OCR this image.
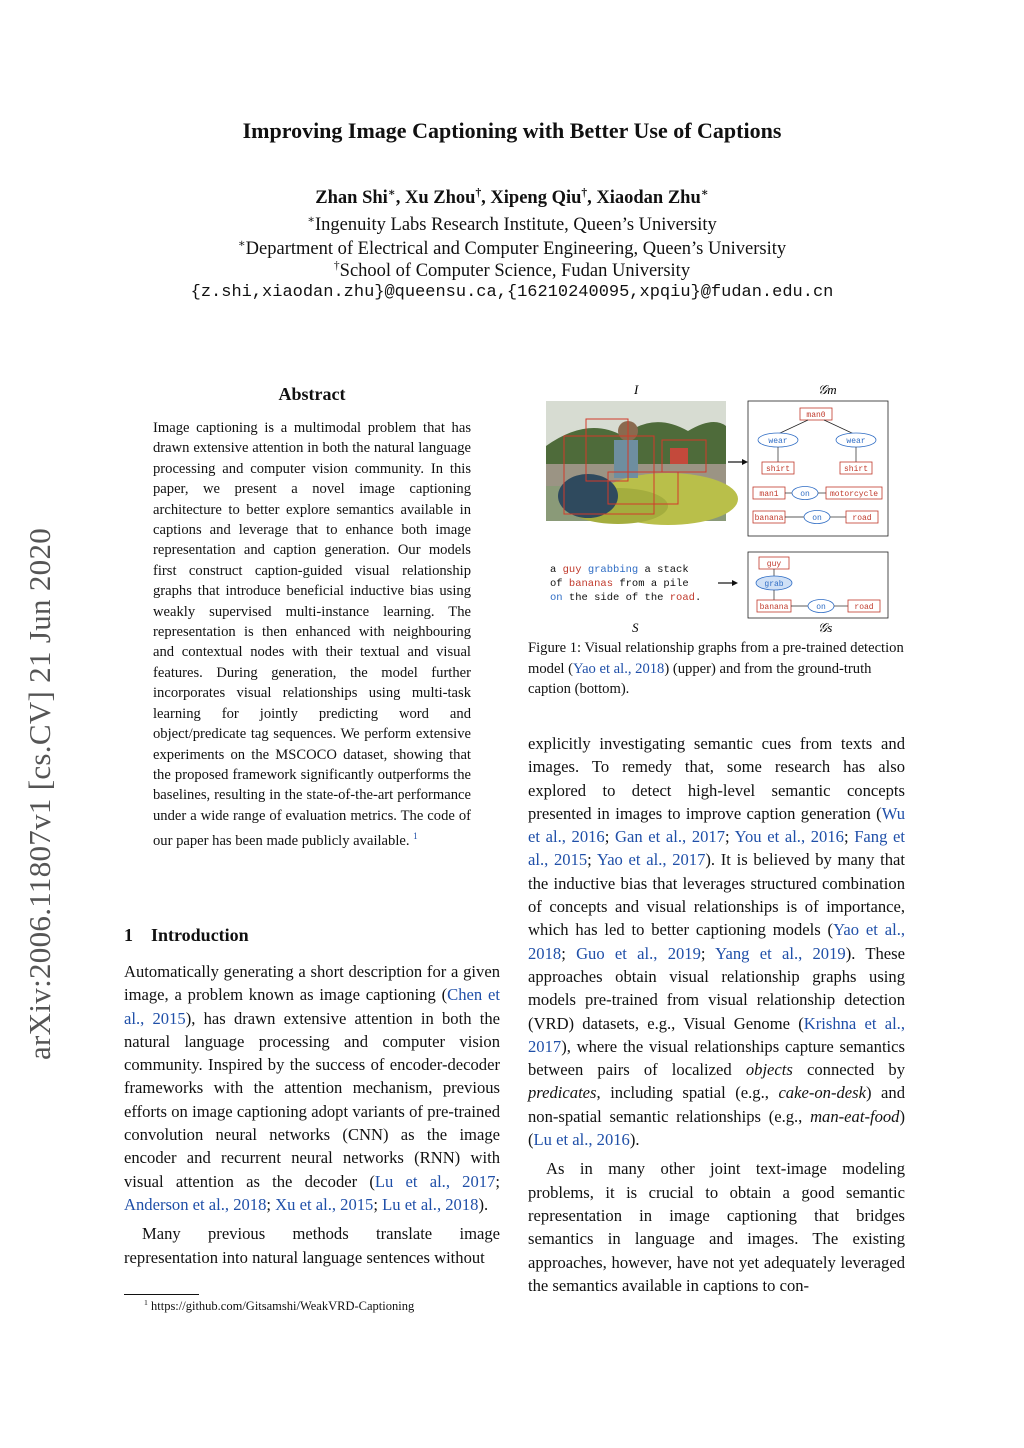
Improving Image Captioning with Better Use of Captions
Zhan Shi∗, Xu Zhou†, Xipeng Qiu†, Xiaodan Zhu∗
∗Ingenuity Labs Research Institute, Queen’s University
∗Department of Electrical and Computer Engineering, Queen’s University
†School of Computer Science, Fudan University
{z.shi,xiaodan.zhu}@queensu.ca,{16210240095,xpqiu}@fudan.edu.cn
arXiv:2006.11807v1 [cs.CV] 21 Jun 2020
Abstract
Image captioning is a multimodal problem that has drawn extensive attention in both the natural language processing and computer vision community. In this paper, we present a novel image captioning architecture to better explore semantics available in captions and leverage that to enhance both image representation and caption generation. Our models first construct caption-guided visual relationship graphs that introduce beneficial inductive bias using weakly supervised multi-instance learning. The representation is then enhanced with neighbouring and contextual nodes with their textual and visual features. During generation, the model further incorporates visual relationships using multi-task learning for jointly predicting word and object/predicate tag sequences. We perform extensive experiments on the MSCOCO dataset, showing that the proposed framework significantly outperforms the baselines, resulting in the state-of-the-art performance under a wide range of evaluation metrics. The code of our paper has been made publicly available. $^1$
1 Introduction

Automatically generating a short description for a given image, a problem known as image captioning (Chen et al., 2015), has drawn extensive attention in both the natural language processing and computer vision community. Inspired by the success of encoder-decoder frameworks with the attention mechanism, previous efforts on image captioning adopt variants of pre-trained convolution neural networks (CNN) as the image encoder and recurrent neural networks (RNN) with visual attention as the decoder (Lu et al., 2017; Anderson et al., 2018; Xu et al., 2015; Lu et al., 2018).

Many previous methods translate image representation into natural language sentences without

$^1$ https://github.com/Gitsamshi/WeakVRD-Captioning
I	𝒢m
man0
wear	wear
shirt	shirt
man1	on	motorcycle
banana	on	road
a guy grabbing a stack
of bananas from a pile
on the side of the road.
guy
grab
banana	on	road
S	𝒢s
Figure 1: Visual relationship graphs from a pre-trained detection model (Yao et al., 2018) (upper) and from the ground-truth caption (bottom).

explicitly investigating semantic cues from texts and images. To remedy that, some research has also explored to detect high-level semantic concepts presented in images to improve caption generation (Wu et al., 2016; Gan et al., 2017; You et al., 2016; Fang et al., 2015; Yao et al., 2017). It is believed by many that the inductive bias that leverages structured combination of concepts and visual relationships is of importance, which has led to better captioning models (Yao et al., 2018; Guo et al., 2019; Yang et al., 2019). These approaches obtain visual relationship graphs using models pre-trained from visual relationship detection (VRD) datasets, e.g., Visual Genome (Krishna et al., 2017), where the visual relationships capture semantics between pairs of localized objects connected by predicates, including spatial (e.g., cake-on-desk) and non-spatial semantic relationships (e.g., man-eat-food) (Lu et al., 2016).

As in many other joint text-image modeling problems, it is crucial to obtain a good semantic representation in image captioning that bridges semantics in language and images. The existing approaches, however, have not yet adequately leveraged the semantics available in captions to con-
